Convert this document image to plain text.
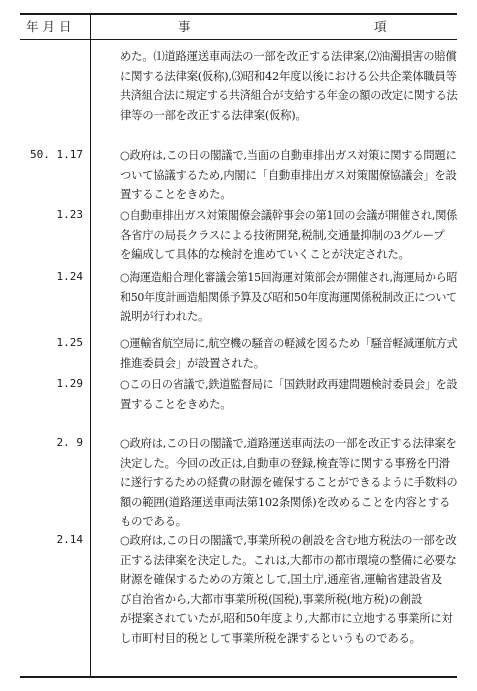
年 月 日	事	項
めた。⑴道路運送車両法の一部を改正する法律案,⑵油濁損害の賠償
に関する法律案(仮称),⑶昭和42年度以後における公共企業体職員等
共済組合法に規定する共済組合が支給する年金の額の改定に関する法
律等の一部を改正する法律案(仮称)。
50. 1.17	○政府は,この日の閣議で,当面の自動車排出ガス対策に関する問題に
ついて協議するため,内閣に「自動車排出ガス対策閣僚協議会」を設
置することをきめた。
1.23	○自動車排出ガス対策閣僚会議幹事会の第1回の会議が開催され,関係
各省庁の局長クラスによる技術開発,税制,交通量抑制の3グループ
を編成して具体的な検討を進めていくことが決定された。
1.24	○海運造船合理化審議会第15回海運対策部会が開催され,海運局から昭
和50年度計画造船関係予算及び昭和50年度海運関係税制改正について
説明が行われた。
1.25	○運輸省航空局に,航空機の騒音の軽減を図るため「騒音軽減運航方式
推進委員会」が設置された。
1.29	○この日の省議で,鉄道監督局に「国鉄財政再建問題検討委員会」を設
置することをきめた。
2. 9	○政府は,この日の閣議で,道路運送車両法の一部を改正する法律案を
決定した。今回の改正は,自動車の登録,検査等に関する事務を円滑
に遂行するための経費の財源を確保することができるように手数料の
額の範囲(道路運送車両法第102条関係)を改めることを内容とする
ものである。
2.14	○政府は,この日の閣議で,事業所税の創設を含む地方税法の一部を改
正する法律案を決定した。これは,大都市の都市環境の整備に必要な
財源を確保するための方策として,国土庁,通産省,運輸省建設省及
び自治省から,大都市事業所税(国税),事業所税(地方税)の創設
が提案されていたが,昭和50年度より,大都市に立地する事業所に対
し市町村目的税として事業所税を課するというものである。
